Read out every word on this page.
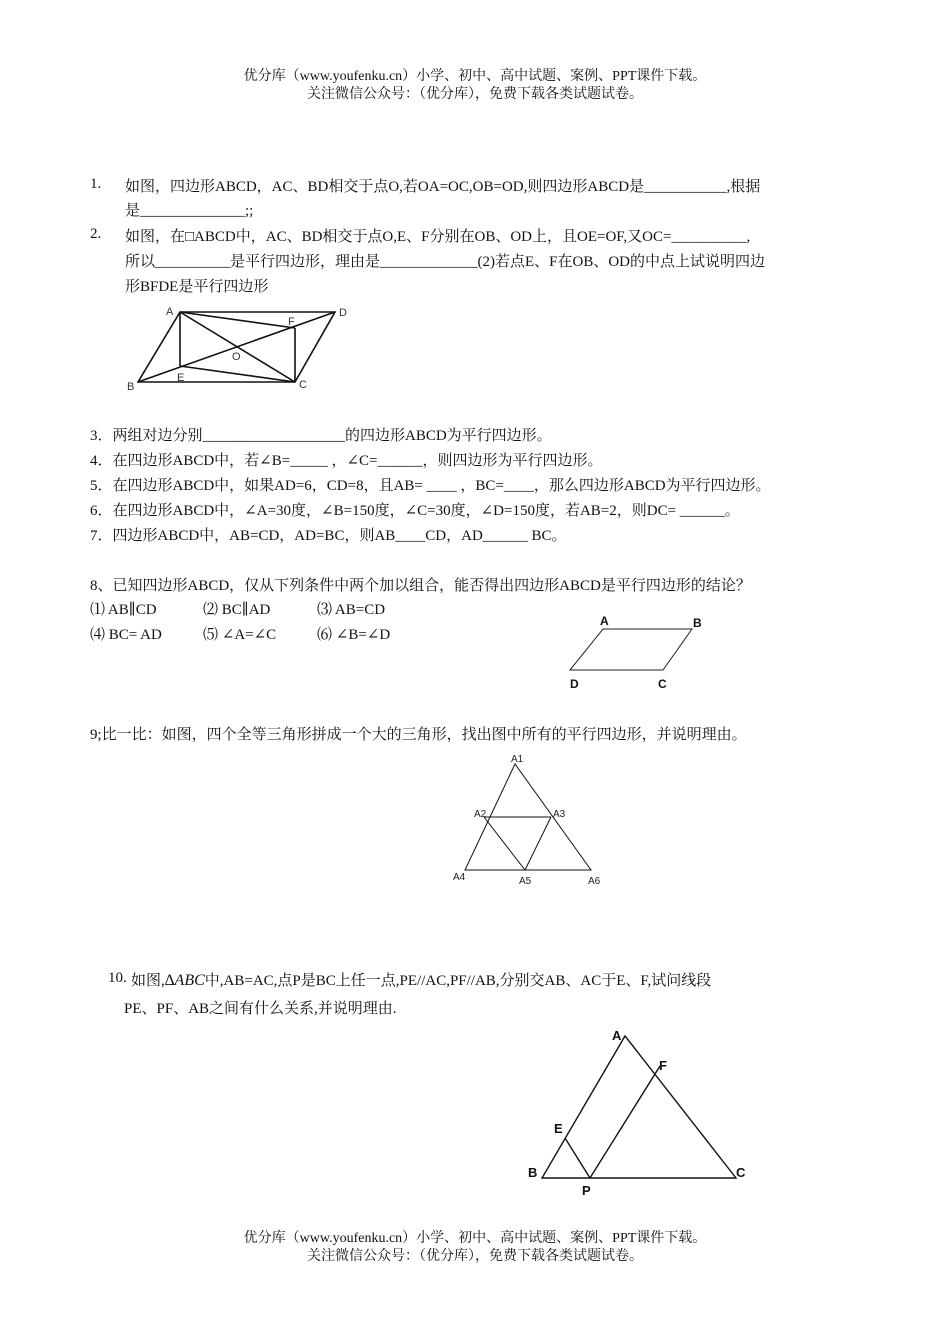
优分库（www.youfenku.cn）小学、初中、高中试题、案例、PPT课件下载。
关注微信公众号：（优分库），免费下载各类试题试卷。
1. 如图，四边形ABCD，AC、BD相交于点O,若OA=OC,OB=OD,则四边形ABCD是___________,根据
是______________;;
2. 如图，在□ABCD中，AC、BD相交于点O,E、F分别在OB、OD上，且OE=OF,又OC=__________,
所以__________是平行四边形，理由是_____________(2)若点E、F在OB、OD的中点上试说明四边
形BFDE是平行四边形
A	D
F
O
E
B	C
3．两组对边分别___________________的四边形ABCD为平行四边形。
4．在四边形ABCD中，若∠B=_____ ，∠C=______，则四边形为平行四边形。
5．在四边形ABCD中，如果AD=6，CD=8，且AB= ____ ，BC=____，那么四边形ABCD为平行四边形。
6．在四边形ABCD中，∠A=30度，∠B=150度，∠C=30度，∠D=150度，若AB=2，则DC= ______。
7．四边形ABCD中，AB=CD，AD=BC，则AB____CD，AD______ BC。
8、已知四边形ABCD，仅从下列条件中两个加以组合，能否得出四边形ABCD是平行四边形的结论？
⑴ AB∥CD	⑵ BC∥AD	⑶ AB=CD
⑷ BC= AD	⑸ ∠A=∠C	⑹ ∠B=∠D
A	B
D	C
9;比一比：如图，四个全等三角形拼成一个大的三角形，找出图中所有的平行四边形，并说明理由。
A1
A2	A3
A4	A5	A6
10. 如图,∆ABC中,AB=AC,点P是BC上任一点,PE//AC,PF//AB,分别交AB、AC于E、F,试问线段
PE、PF、AB之间有什么关系,并说明理由.
A
F
E
B	C
P
优分库（www.youfenku.cn）小学、初中、高中试题、案例、PPT课件下载。
关注微信公众号：（优分库），免费下载各类试题试卷。
